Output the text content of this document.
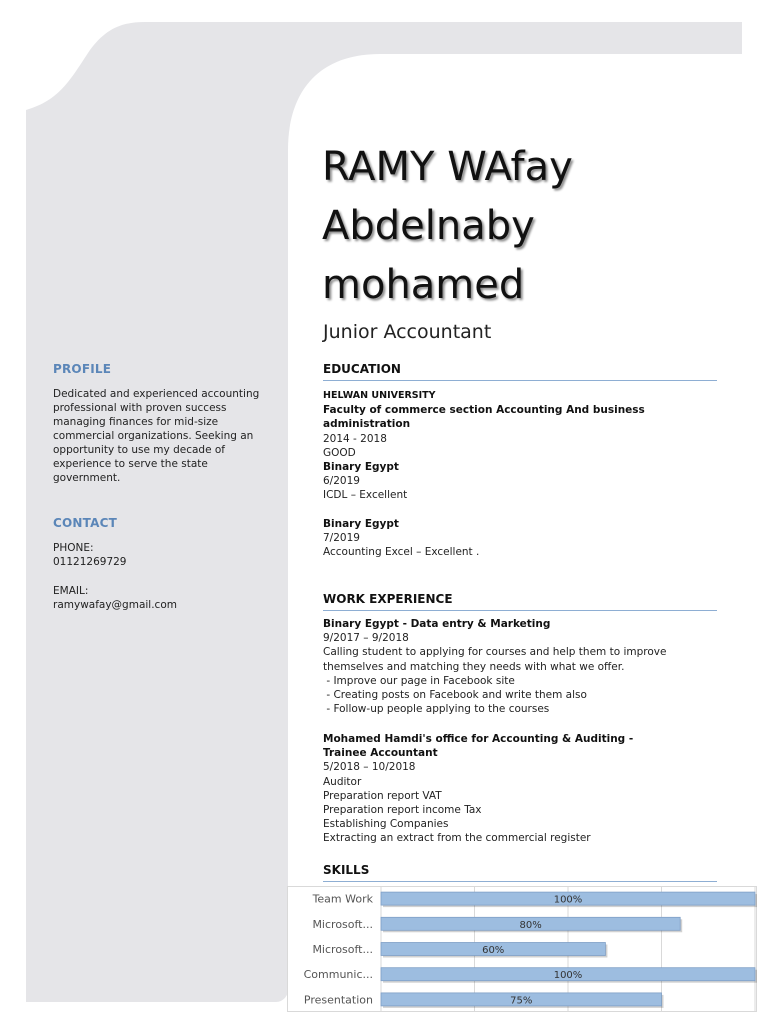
PROFILE
Dedicated and experienced accounting professional with proven success managing finances for mid-size commercial organizations. Seeking an opportunity to use my decade of experience to serve the state government.
CONTACT
PHONE:
01121269729
EMAIL:
ramywafay@gmail.com
RAMY WAfay
Abdelnaby
mohamed
Junior Accountant
EDUCATION
HELWAN UNIVERSITY
Faculty of commerce section Accounting And business administration
2014 - 2018
GOOD
Binary Egypt
6/2019
ICDL – Excellent
Binary Egypt
7/2019
Accounting Excel – Excellent .
WORK EXPERIENCE
Binary Egypt - Data entry & Marketing
9/2017 – 9/2018
Calling student to applying for courses and help them to improve themselves and matching they needs with what we offer.
- Improve our page in Facebook site
- Creating posts on Facebook and write them also
- Follow-up people applying to the courses
Mohamed Hamdi's office for Accounting & Auditing - Trainee Accountant
5/2018 – 10/2018
Auditor
Preparation report VAT
Preparation report income Tax
Establishing Companies
Extracting an extract from the commercial register
SKILLS
Team Work	100%
Microsoft...	80%
Microsoft...	60%
Communic...	100%
Presentation	75%
